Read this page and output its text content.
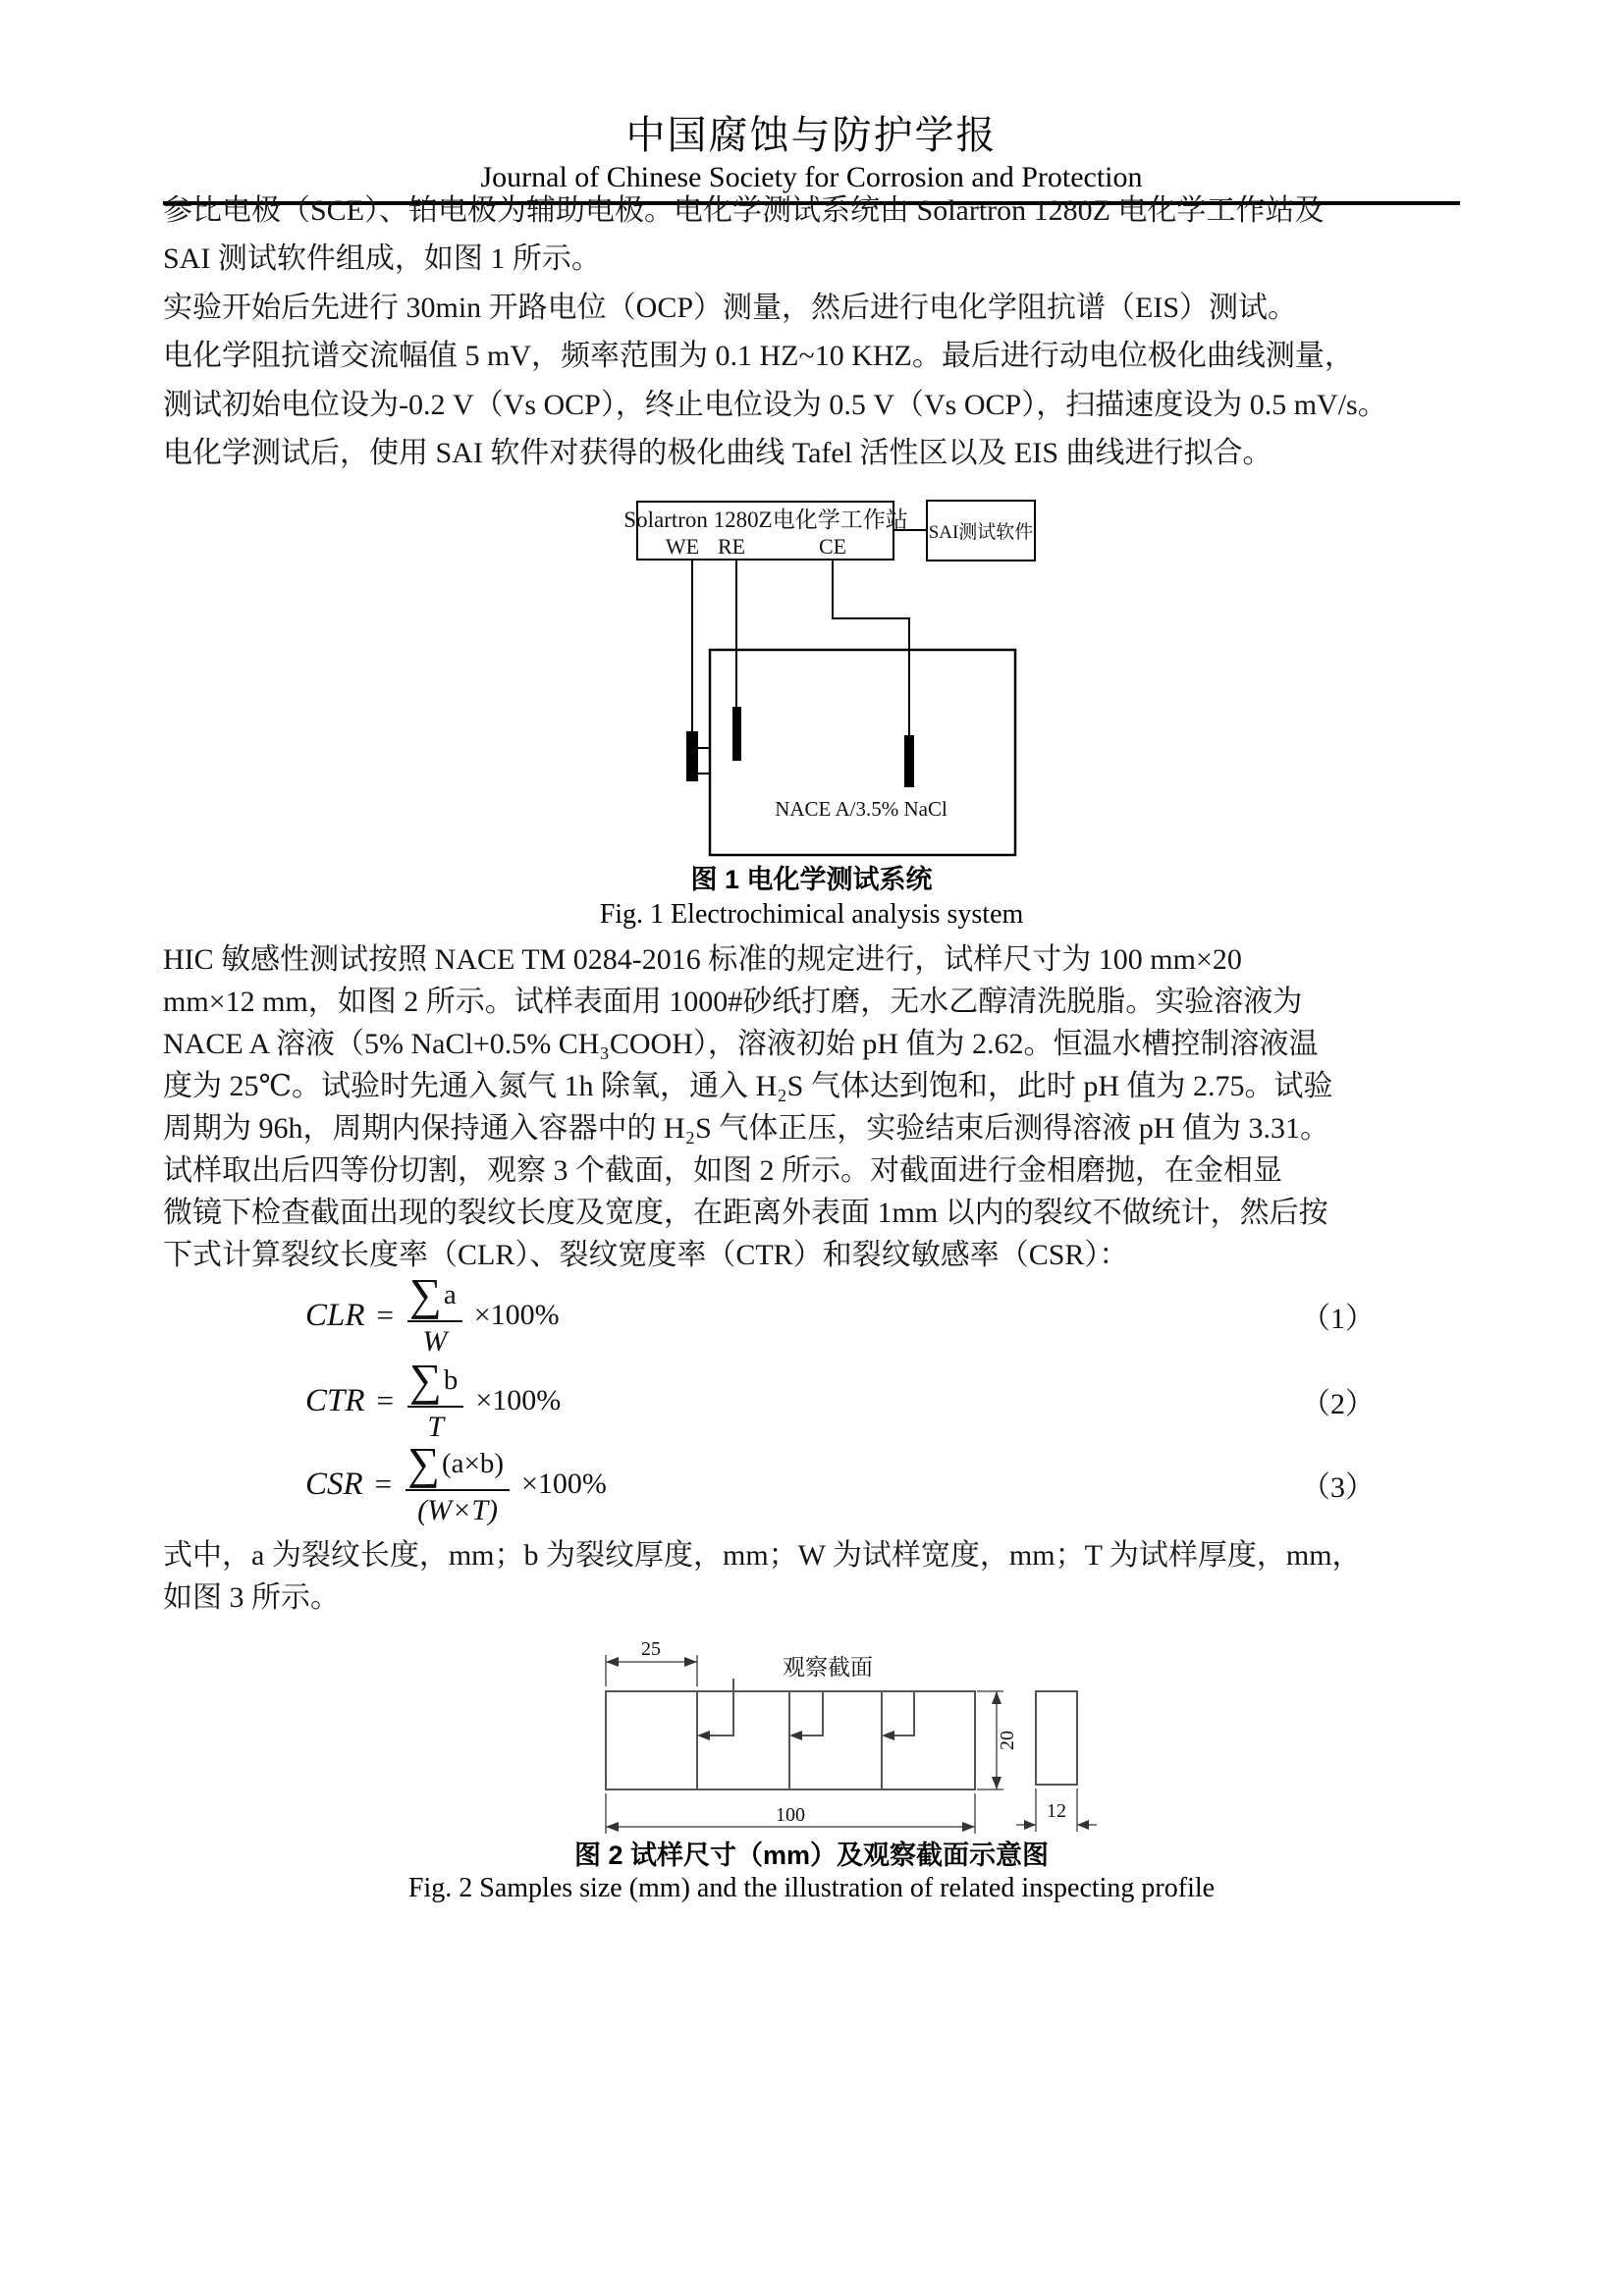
中国腐蚀与防护学报
Journal of Chinese Society for Corrosion and Protection
参比电极（SCE）、铂电极为辅助电极。电化学测试系统由 Solartron 1280Z 电化学工作站及
SAI 测试软件组成，如图 1 所示。
实验开始后先进行 30min 开路电位（OCP）测量，然后进行电化学阻抗谱（EIS）测试。
电化学阻抗谱交流幅值 5 mV，频率范围为 0.1 HZ~10 KHZ。最后进行动电位极化曲线测量，
测试初始电位设为-0.2 V（Vs OCP），终止电位设为 0.5 V（Vs OCP），扫描速度设为 0.5 mV/s。
电化学测试后，使用 SAI 软件对获得的极化曲线 Tafel 活性区以及 EIS 曲线进行拟合。
Solartron 1280Z电化学工作站
WE RE	CE
SAI测试软件
NACE A/3.5% NaCl
图 1 电化学测试系统
Fig. 1 Electrochimical analysis system
HIC 敏感性测试按照 NACE TM 0284-2016 标准的规定进行，试样尺寸为 100 mm×20
mm×12 mm，如图 2 所示。试样表面用 1000#砂纸打磨，无水乙醇清洗脱脂。实验溶液为
NACE A 溶液（5% NaCl+0.5% CH₃COOH），溶液初始 pH 值为 2.62。恒温水槽控制溶液温
度为 25℃。试验时先通入氮气 1h 除氧，通入 H₂S 气体达到饱和，此时 pH 值为 2.75。试验
周期为 96h，周期内保持通入容器中的 H₂S 气体正压，实验结束后测得溶液 pH 值为 3.31。
试样取出后四等份切割，观察 3 个截面，如图 2 所示。对截面进行金相磨抛，在金相显
微镜下检查截面出现的裂纹长度及宽度，在距离外表面 1mm 以内的裂纹不做统计，然后按
下式计算裂纹长度率（CLR）、裂纹宽度率（CTR）和裂纹敏感率（CSR）：
CLR = $\frac{\sum a}{W} \times 100\%$	（1）
CTR = $\frac{\sum b}{T} \times 100\%$	（2）
CSR = $\frac{\sum (a\times b)}{(W\times T)} \times 100\%$	（3）
式中，a 为裂纹长度，mm；b 为裂纹厚度，mm；W 为试样宽度，mm；T 为试样厚度，mm，
如图 3 所示。
观察截面
25
20
100	12
图 2 试样尺寸（mm）及观察截面示意图
Fig. 2 Samples size (mm) and the illustration of related inspecting profile
